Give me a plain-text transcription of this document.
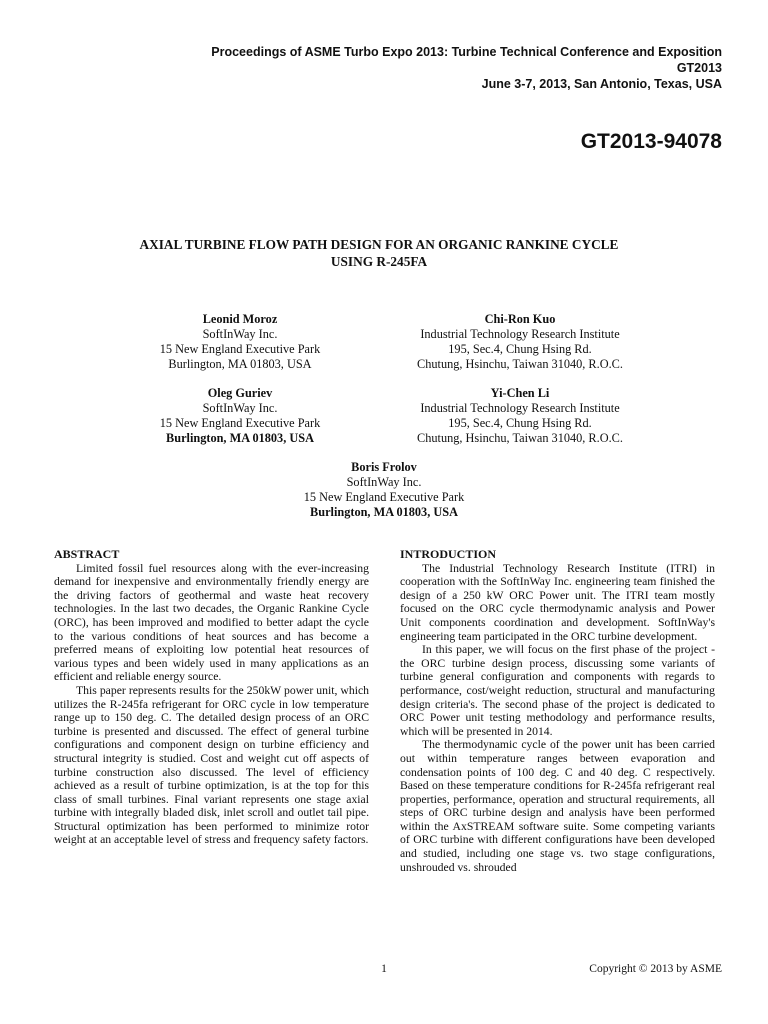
Proceedings of ASME Turbo Expo 2013: Turbine Technical Conference and Exposition
GT2013
June 3-7, 2013, San Antonio, Texas, USA
GT2013-94078
AXIAL TURBINE FLOW PATH DESIGN FOR AN ORGANIC RANKINE CYCLE
USING R-245FA
Leonid Moroz
SoftInWay Inc.
15 New England Executive Park
Burlington, MA 01803, USA
Chi-Ron Kuo
Industrial Technology Research Institute
195, Sec.4, Chung Hsing Rd.
Chutung, Hsinchu, Taiwan 31040, R.O.C.
Oleg Guriev
SoftInWay Inc.
15 New England Executive Park
Burlington, MA 01803, USA
Yi-Chen Li
Industrial Technology Research Institute
195, Sec.4, Chung Hsing Rd.
Chutung, Hsinchu, Taiwan 31040, R.O.C.
Boris Frolov
SoftInWay Inc.
15 New England Executive Park
Burlington, MA 01803, USA
ABSTRACT

Limited fossil fuel resources along with the ever-increasing demand for inexpensive and environmentally friendly energy are the driving factors of geothermal and waste heat recovery technologies. In the last two decades, the Organic Rankine Cycle (ORC), has been improved and modified to better adapt the cycle to the various conditions of heat sources and has become a preferred means of exploiting low potential heat resources of various types and been widely used in many applications as an efficient and reliable energy source.

This paper represents results for the 250kW power unit, which utilizes the R-245fa refrigerant for ORC cycle in low temperature range up to 150 deg. C. The detailed design process of an ORC turbine is presented and discussed. The effect of general turbine configurations and component design on turbine efficiency and structural integrity is studied. Cost and weight cut off aspects of turbine construction also discussed. The level of efficiency achieved as a result of turbine optimization, is at the top for this class of small turbines. Final variant represents one stage axial turbine with integrally bladed disk, inlet scroll and outlet tail pipe. Structural optimization has been performed to minimize rotor weight at an acceptable level of stress and frequency safety factors.

INTRODUCTION

The Industrial Technology Research Institute (ITRI) in cooperation with the SoftInWay Inc. engineering team finished the design of a 250 kW ORC Power unit. The ITRI team mostly focused on the ORC cycle thermodynamic analysis and Power Unit components coordination and development. SoftInWay's engineering team participated in the ORC turbine development.

In this paper, we will focus on the first phase of the project - the ORC turbine design process, discussing some variants of turbine general configuration and components with regards to performance, cost/weight reduction, structural and manufacturing design criteria's. The second phase of the project is dedicated to ORC Power unit testing methodology and performance results, which will be presented in 2014.

The thermodynamic cycle of the power unit has been carried out within temperature ranges between evaporation and condensation points of 100 deg. C and 40 deg. C respectively. Based on these temperature conditions for R-245fa refrigerant real properties, performance, operation and structural requirements, all steps of ORC turbine design and analysis have been performed within the AxSTREAM software suite. Some competing variants of ORC turbine with different configurations have been developed and studied, including one stage vs. two stage configurations, unshrouded vs. shrouded

1	Copyright © 2013 by ASME
